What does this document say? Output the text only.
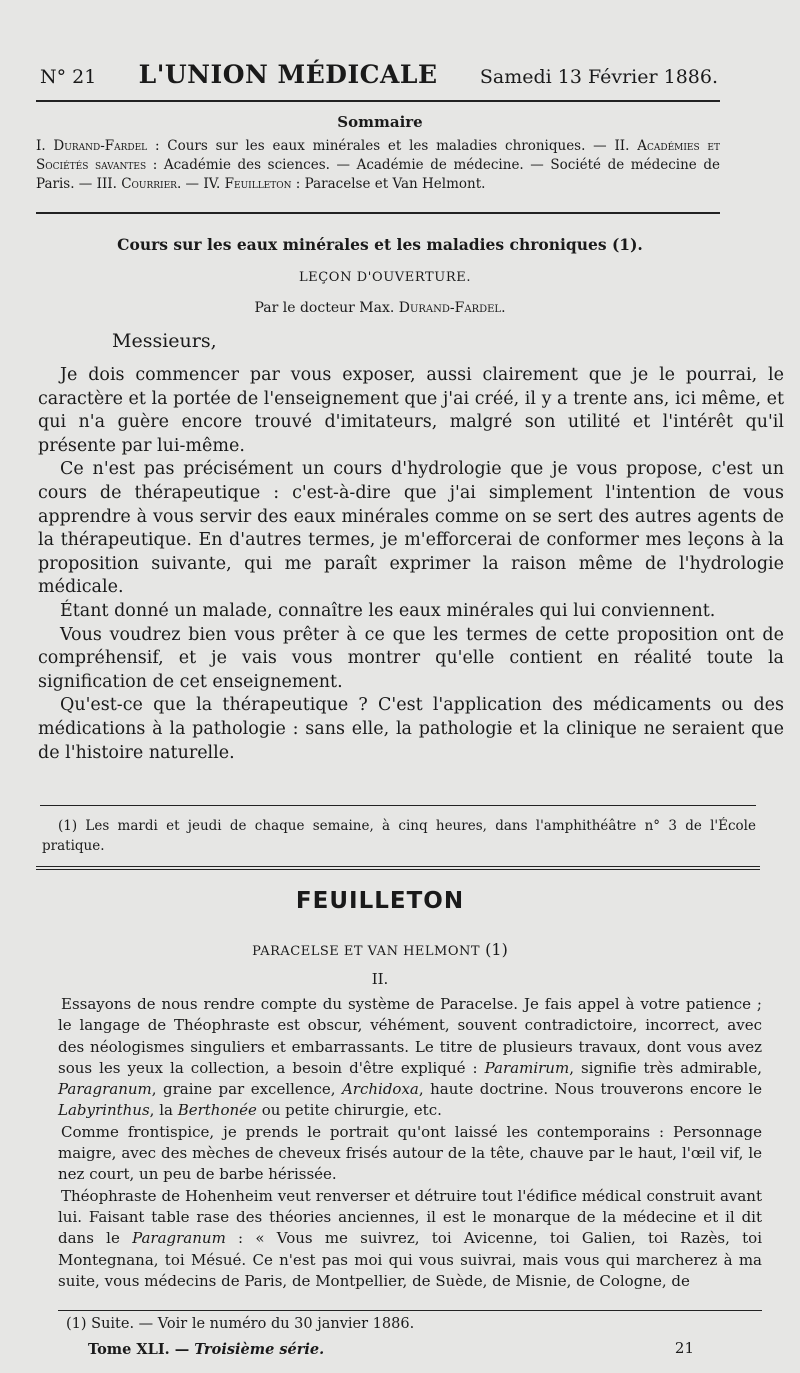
N° 21 L'UNION MÉDICALE Samedi 13 Février 1886.
Sommaire
I. Durand-Fardel : Cours sur les eaux minérales et les maladies chroniques. — II. Académies et Sociétés savantes : Académie des sciences. — Académie de médecine. — Société de médecine de Paris. — III. Courrier. — IV. Feuilleton : Paracelse et Van Helmont.
Cours sur les eaux minérales et les maladies chroniques (1).
LEÇON D'OUVERTURE.
Par le docteur Max. Durand-Fardel.
Messieurs,

Je dois commencer par vous exposer, aussi clairement que je le pourrai, le caractère et la portée de l'enseignement que j'ai créé, il y a trente ans, ici même, et qui n'a guère encore trouvé d'imitateurs, malgré son utilité et l'intérêt qu'il présente par lui-même.

Ce n'est pas précisément un cours d'hydrologie que je vous propose, c'est un cours de thérapeutique : c'est-à-dire que j'ai simplement l'intention de vous apprendre à vous servir des eaux minérales comme on se sert des autres agents de la thérapeutique. En d'autres termes, je m'efforcerai de conformer mes leçons à la proposition suivante, qui me paraît exprimer la raison même de l'hydrologie médicale.

Étant donné un malade, connaître les eaux minérales qui lui conviennent.

Vous voudrez bien vous prêter à ce que les termes de cette proposition ont de compréhensif, et je vais vous montrer qu'elle contient en réalité toute la signification de cet enseignement.

Qu'est-ce que la thérapeutique ? C'est l'application des médicaments ou des médications à la pathologie : sans elle, la pathologie et la clinique ne seraient que de l'histoire naturelle.

(1) Les mardi et jeudi de chaque semaine, à cinq heures, dans l'amphithéâtre n° 3 de l'École pratique.

FEUILLETON
PARACELSE ET VAN HELMONT (1)
II.

Essayons de nous rendre compte du système de Paracelse. Je fais appel à votre patience ; le langage de Théophraste est obscur, véhément, souvent contradictoire, incorrect, avec des néologismes singuliers et embarrassants. Le titre de plusieurs travaux, dont vous avez sous les yeux la collection, a besoin d'être expliqué : Paramirum, signifie très admirable, Paragranum, graine par excellence, Archidoxa, haute doctrine. Nous trouverons encore le Labyrinthus, la Berthonée ou petite chirurgie, etc.

Comme frontispice, je prends le portrait qu'ont laissé les contemporains : Personnage maigre, avec des mèches de cheveux frisés autour de la tête, chauve par le haut, l'œil vif, le nez court, un peu de barbe hérissée.

Théophraste de Hohenheim veut renverser et détruire tout l'édifice médical construit avant lui. Faisant table rase des théories anciennes, il est le monarque de la médecine et il dit dans le Paragranum : « Vous me suivrez, toi Avicenne, toi Galien, toi Razès, toi Montegnana, toi Mésué. Ce n'est pas moi qui vous suivrai, mais vous qui marcherez à ma suite, vous médecins de Paris, de Montpellier, de Suède, de Misnie, de Cologne, de

(1) Suite. — Voir le numéro du 30 janvier 1886.
Tome XLI. — Troisième série.	21
